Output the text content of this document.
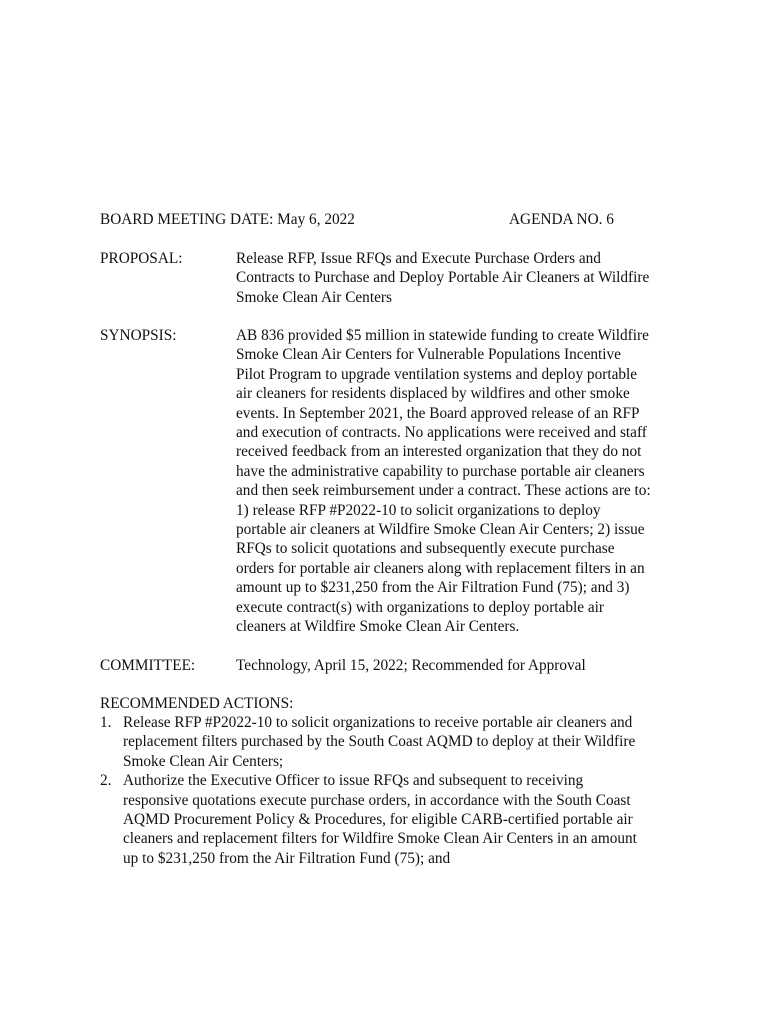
BOARD MEETING DATE: May 6, 2022	AGENDA NO. 6
PROPOSAL:	Release RFP, Issue RFQs and Execute Purchase Orders and
Contracts to Purchase and Deploy Portable Air Cleaners at Wildfire
Smoke Clean Air Centers
SYNOPSIS:	AB 836 provided $5 million in statewide funding to create Wildfire
Smoke Clean Air Centers for Vulnerable Populations Incentive
Pilot Program to upgrade ventilation systems and deploy portable
air cleaners for residents displaced by wildfires and other smoke
events. In September 2021, the Board approved release of an RFP
and execution of contracts. No applications were received and staff
received feedback from an interested organization that they do not
have the administrative capability to purchase portable air cleaners
and then seek reimbursement under a contract. These actions are to:
1) release RFP #P2022-10 to solicit organizations to deploy
portable air cleaners at Wildfire Smoke Clean Air Centers; 2) issue
RFQs to solicit quotations and subsequently execute purchase
orders for portable air cleaners along with replacement filters in an
amount up to $231,250 from the Air Filtration Fund (75); and 3)
execute contract(s) with organizations to deploy portable air
cleaners at Wildfire Smoke Clean Air Centers.
COMMITTEE:	Technology, April 15, 2022; Recommended for Approval
RECOMMENDED ACTIONS:
1. Release RFP #P2022-10 to solicit organizations to receive portable air cleaners and
replacement filters purchased by the South Coast AQMD to deploy at their Wildfire
Smoke Clean Air Centers;
2. Authorize the Executive Officer to issue RFQs and subsequent to receiving
responsive quotations execute purchase orders, in accordance with the South Coast
AQMD Procurement Policy & Procedures, for eligible CARB-certified portable air
cleaners and replacement filters for Wildfire Smoke Clean Air Centers in an amount
up to $231,250 from the Air Filtration Fund (75); and
